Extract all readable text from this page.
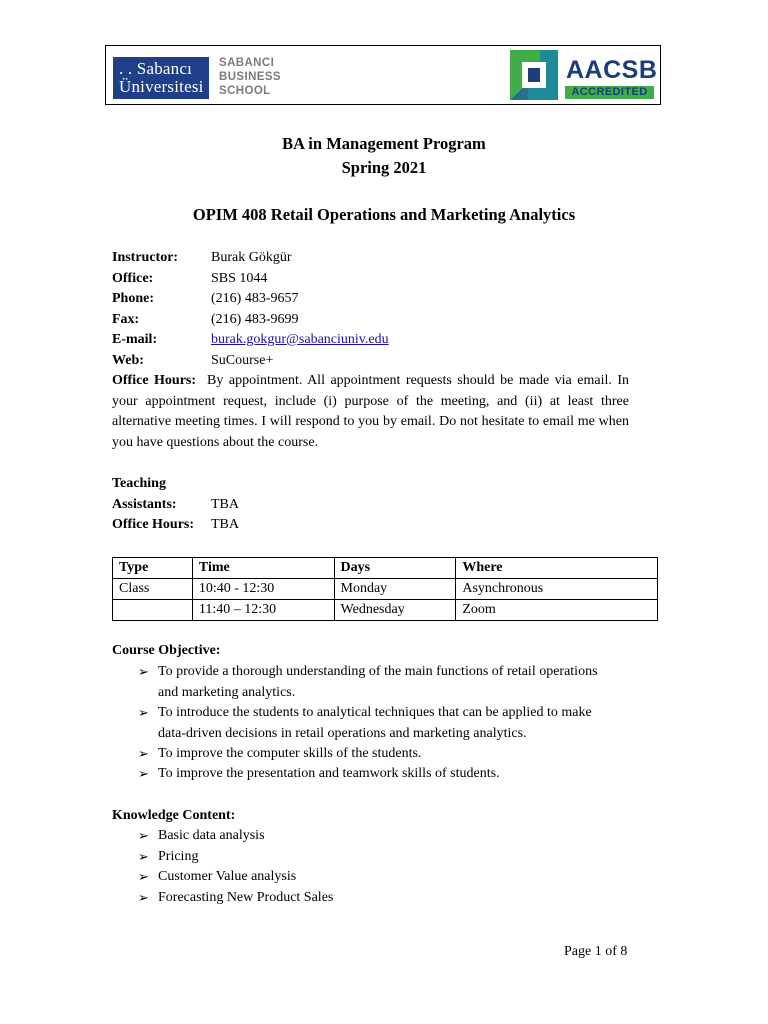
. . Sabancı
Üniversitesi
SABANCI
BUSINESS
SCHOOL
AACSB
ACCREDITED
BA in Management Program
Spring 2021
OPIM 408 Retail Operations and Marketing Analytics
Instructor: Burak Gökgür
Office:	SBS 1044
Phone:	(216) 483-9657
Fax:	(216) 483-9699
E-mail:	burak.gokgur@sabanciuniv.edu
Web:	SuCourse+
Office Hours: By appointment. All appointment requests should be made via email. In
your appointment request, include (i) purpose of the meeting, and (ii) at least three
alternative meeting times. I will respond to you by email. Do not hesitate to email me when
you have questions about the course.
Teaching
Assistants: TBA
Office Hours: TBA
Type	Time	Days	Where
Class	10:40 - 12:30	Monday	Asynchronous
	11:40 – 12:30	Wednesday	Zoom
Course Objective:
➢ To provide a thorough understanding of the main functions of retail operations
and marketing analytics.
➢ To introduce the students to analytical techniques that can be applied to make
data-driven decisions in retail operations and marketing analytics.
➢ To improve the computer skills of the students.
➢ To improve the presentation and teamwork skills of students.
Knowledge Content:
➢ Basic data analysis
➢ Pricing
➢ Customer Value analysis
➢ Forecasting New Product Sales
Page 1 of 8
